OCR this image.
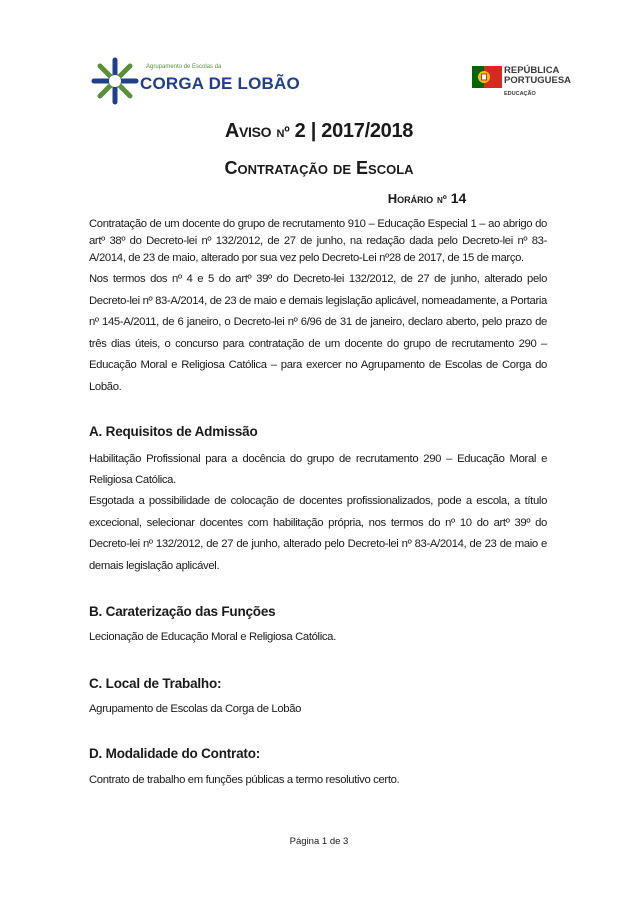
Agrupamento de Escolas da
CORGA DE LOBÃO
REPÚBLICA
PORTUGUESA
EDUCAÇÃO
Aviso nº 2 | 2017/2018
Contratação de Escola
Horário nº 14

Contratação de um docente do grupo de recrutamento 910 – Educação Especial 1 – ao abrigo do artº 38º do Decreto-lei nº 132/2012, de 27 de junho, na redação dada pelo Decreto-lei nº 83-A/2014, de 23 de maio, alterado por sua vez pelo Decreto-Lei nº28 de 2017, de 15 de março.

Nos termos dos nº 4 e 5 do artº 39º do Decreto-lei 132/2012, de 27 de junho, alterado pelo Decreto-lei nº 83-A/2014, de 23 de maio e demais legislação aplicável, nomeadamente, a Portaria nº 145-A/2011, de 6 janeiro, o Decreto-lei nº 6/96 de 31 de janeiro, declaro aberto, pelo prazo de três dias úteis, o concurso para contratação de um docente do grupo de recrutamento 290 – Educação Moral e Religiosa Católica – para exercer no Agrupamento de Escolas de Corga do Lobão.

A. Requisitos de Admissão

Habilitação Profissional para a docência do grupo de recrutamento 290 – Educação Moral e Religiosa Católica.

Esgotada a possibilidade de colocação de docentes profissionalizados, pode a escola, a título excecional, selecionar docentes com habilitação própria, nos termos do nº 10 do artº 39º do Decreto-lei nº 132/2012, de 27 de junho, alterado pelo Decreto-lei nº 83-A/2014, de 23 de maio e demais legislação aplicável.

B. Caraterização das Funções

Lecionação de Educação Moral e Religiosa Católica.

C. Local de Trabalho:

Agrupamento de Escolas da Corga de Lobão

D. Modalidade do Contrato:

Contrato de trabalho em funções públicas a termo resolutivo certo.

Página 1 de 3
